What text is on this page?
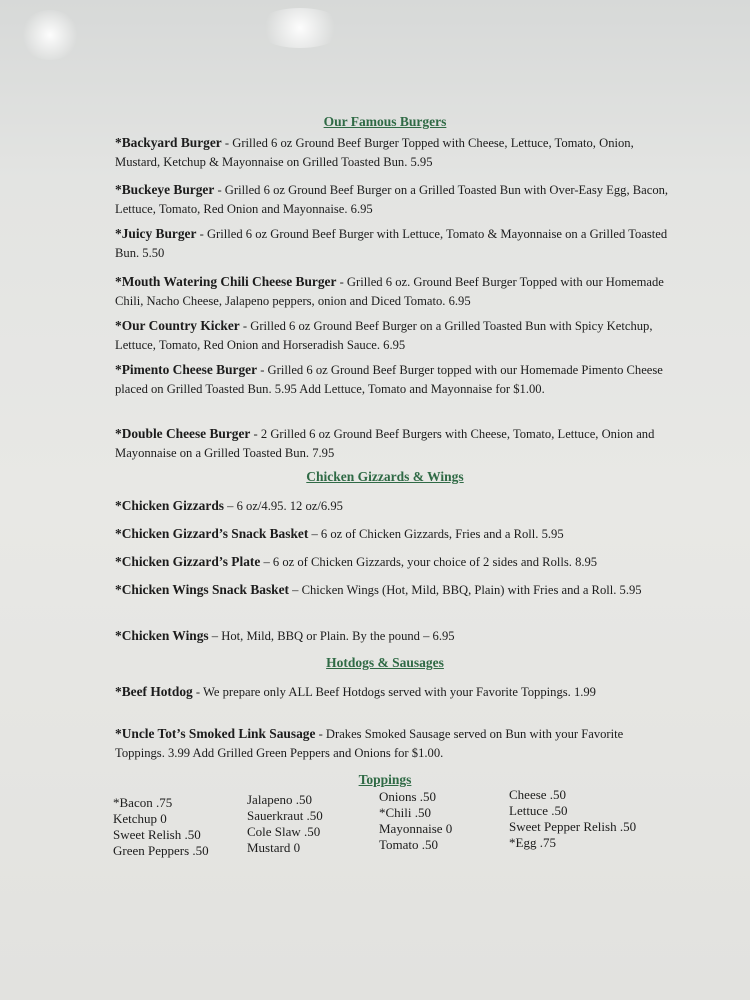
Our Famous Burgers
*Backyard Burger - Grilled 6 oz Ground Beef Burger Topped with Cheese, Lettuce, Tomato, Onion, Mustard, Ketchup & Mayonnaise on Grilled Toasted Bun. 5.95
*Buckeye Burger - Grilled 6 oz Ground Beef Burger on a Grilled Toasted Bun with Over-Easy Egg, Bacon, Lettuce, Tomato, Red Onion and Mayonnaise. 6.95
*Juicy Burger - Grilled 6 oz Ground Beef Burger with Lettuce, Tomato & Mayonnaise on a Grilled Toasted Bun. 5.50
*Mouth Watering Chili Cheese Burger - Grilled 6 oz. Ground Beef Burger Topped with our Homemade Chili, Nacho Cheese, Jalapeno peppers, onion and Diced Tomato. 6.95
*Our Country Kicker - Grilled 6 oz Ground Beef Burger on a Grilled Toasted Bun with Spicy Ketchup, Lettuce, Tomato, Red Onion and Horseradish Sauce. 6.95
*Pimento Cheese Burger - Grilled 6 oz Ground Beef Burger topped with our Homemade Pimento Cheese placed on Grilled Toasted Bun. 5.95 Add Lettuce, Tomato and Mayonnaise for $1.00.
*Double Cheese Burger - 2 Grilled 6 oz Ground Beef Burgers with Cheese, Tomato, Lettuce, Onion and Mayonnaise on a Grilled Toasted Bun. 7.95
Chicken Gizzards & Wings
*Chicken Gizzards – 6 oz/4.95. 12 oz/6.95
*Chicken Gizzard’s Snack Basket – 6 oz of Chicken Gizzards, Fries and a Roll. 5.95
*Chicken Gizzard’s Plate – 6 oz of Chicken Gizzards, your choice of 2 sides and Rolls. 8.95
*Chicken Wings Snack Basket – Chicken Wings (Hot, Mild, BBQ, Plain) with Fries and a Roll. 5.95
*Chicken Wings – Hot, Mild, BBQ or Plain. By the pound – 6.95
Hotdogs & Sausages
*Beef Hotdog - We prepare only ALL Beef Hotdogs served with your Favorite Toppings. 1.99
*Uncle Tot’s Smoked Link Sausage - Drakes Smoked Sausage served on Bun with your Favorite Toppings. 3.99 Add Grilled Green Peppers and Onions for $1.00.
Toppings
*Bacon .75
Ketchup 0
Sweet Relish .50
Green Peppers .50
Jalapeno .50
Sauerkraut .50
Cole Slaw .50
Mustard 0
Onions .50
*Chili .50
Mayonnaise 0
Tomato .50
Cheese .50
Lettuce .50
Sweet Pepper Relish .50
*Egg .75
